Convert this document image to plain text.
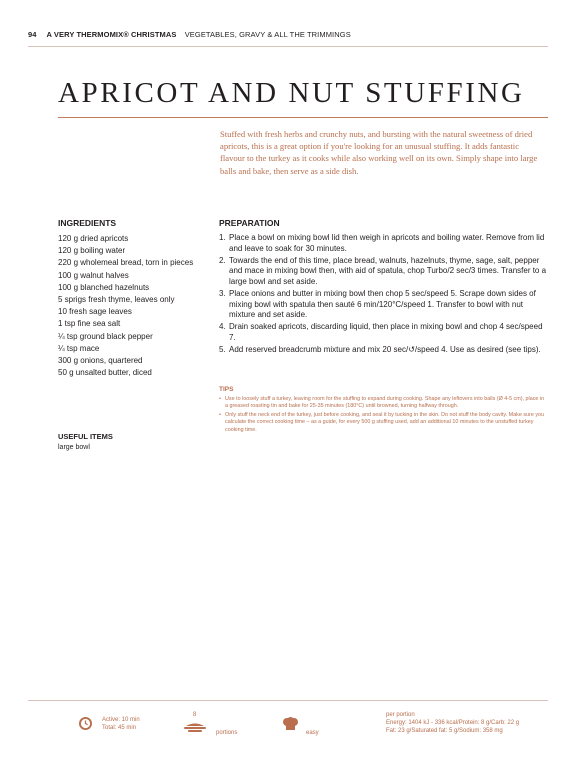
94 A VERY THERMOMIX® CHRISTMAS VEGETABLES, GRAVY & ALL THE TRIMMINGS
APRICOT AND NUT STUFFING
Stuffed with fresh herbs and crunchy nuts, and bursting with the natural sweetness of dried apricots, this is a great option if you're looking for an unusual stuffing. It adds fantastic flavour to the turkey as it cooks while also working well on its own. Simply shape into large balls and bake, then serve as a side dish.
INGREDIENTS
120 g dried apricots
120 g boiling water
220 g wholemeal bread, torn in pieces
100 g walnut halves
100 g blanched hazelnuts
5 sprigs fresh thyme, leaves only
10 fresh sage leaves
1 tsp fine sea salt
¼ tsp ground black pepper
¼ tsp mace
300 g onions, quartered
50 g unsalted butter, diced
USEFUL ITEMS
large bowl
PREPARATION
1. Place a bowl on mixing bowl lid then weigh in apricots and boiling water. Remove from lid and leave to soak for 30 minutes.
2. Towards the end of this time, place bread, walnuts, hazelnuts, thyme, sage, salt, pepper and mace in mixing bowl then, with aid of spatula, chop Turbo/2 sec/3 times. Transfer to a large bowl and set aside.
3. Place onions and butter in mixing bowl then chop 5 sec/speed 5. Scrape down sides of mixing bowl with spatula then sauté 6 min/120°C/speed 1. Transfer to bowl with nut mixture and set aside.
4. Drain soaked apricots, discarding liquid, then place in mixing bowl and chop 4 sec/speed 7.
5. Add reserved breadcrumb mixture and mix 20 sec/↺/speed 4. Use as desired (see tips).
TIPS
• Use to loosely stuff a turkey, leaving room for the stuffing to expand during cooking. Shape any leftovers into balls (Ø 4-5 cm), place in a greased roasting tin and bake for 25-35 minutes (180°C) until browned, turning halfway through.
• Only stuff the neck end of the turkey, just before cooking, and seal it by tucking in the skin. Do not stuff the body cavity. Make sure you calculate the correct cooking time – as a guide, for every 500 g stuffing used, add an additional 10 minutes to the unstuffed turkey cooking time.
Active: 10 min
Total: 45 min
8
portions	easy
per portion
Energy: 1404 kJ - 336 kcal/Protein: 8 g/Carb: 22 g
Fat: 23 g/Saturated fat: 5 g/Sodium: 358 mg
